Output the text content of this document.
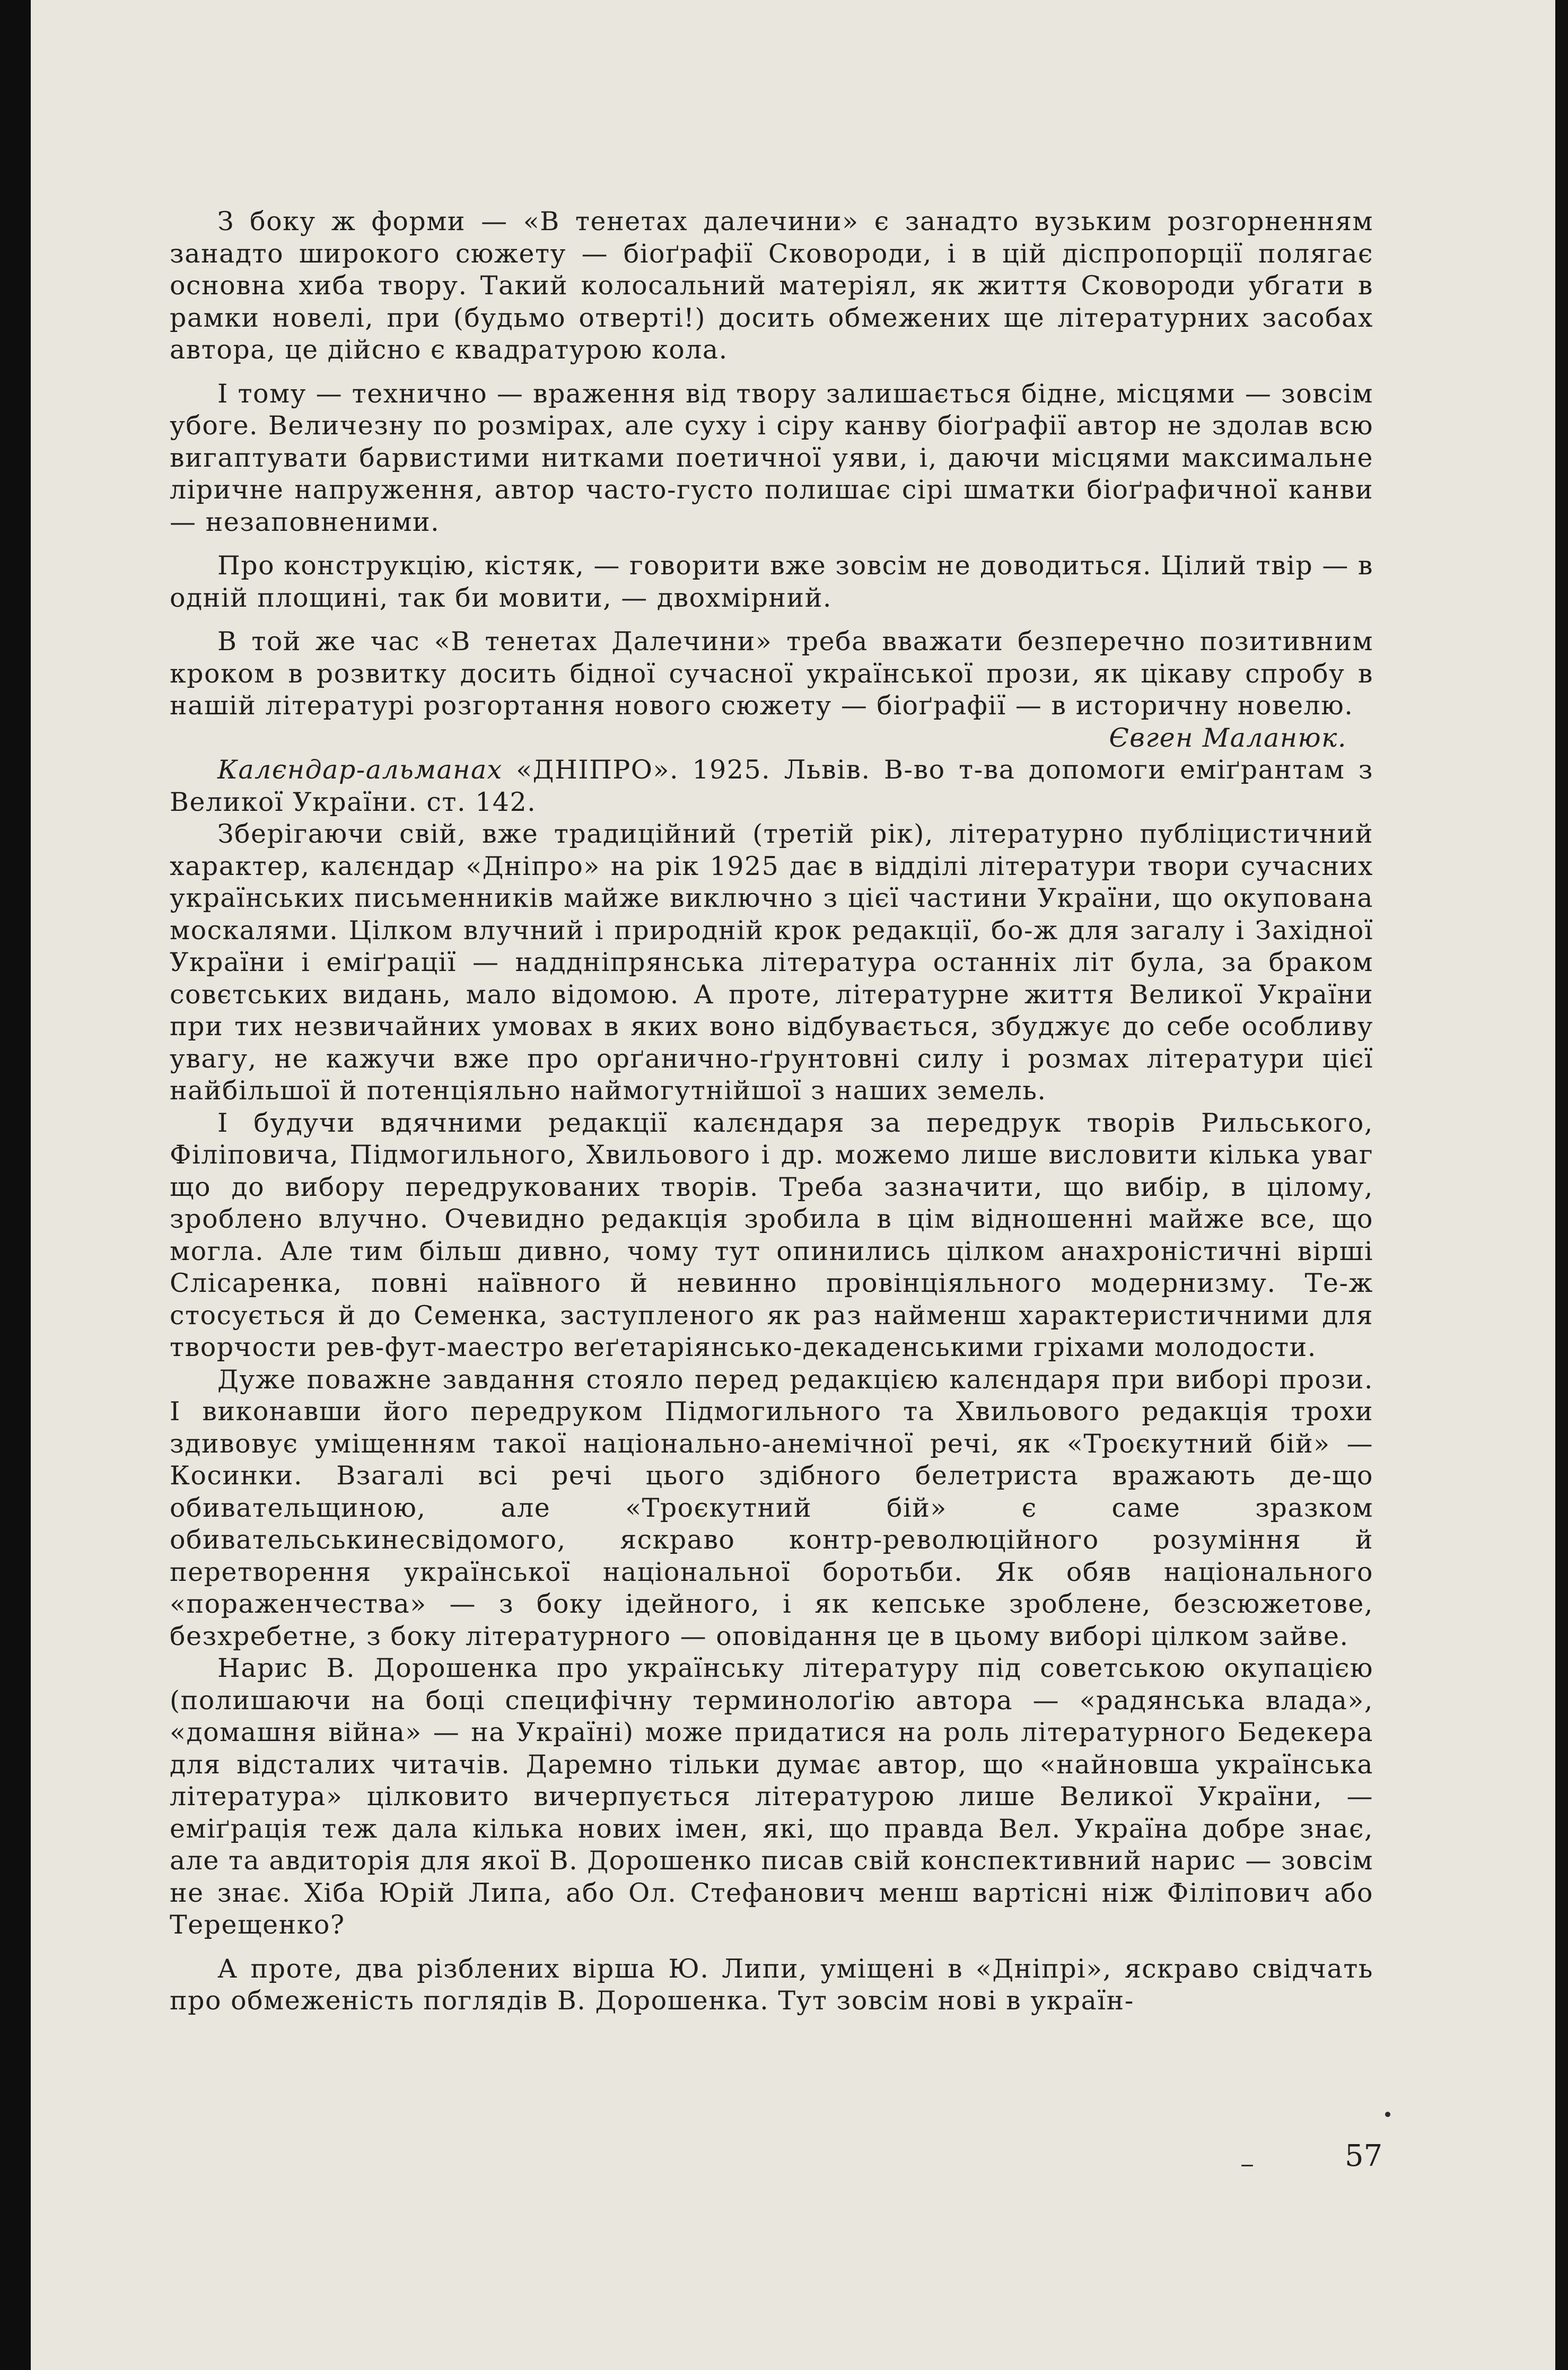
З боку ж форми — «В тенетах далечини» є занадто вузьким розгорненням занадто широкого сюжету — біоґрафії Сковороди, і в цій діспропорції полягає основна хиба твору. Такий колосальний матеріял, як життя Сковороди убгати в рамки новелі, при (будьмо отверті!) досить обмежених ще літературних засобах автора, це дійсно є квадратурою кола.

І тому — технично — враження від твору залишається бідне, місцями — зовсім убоге. Величезну по розмірах, але суху і сіру канву біоґрафії автор не здолав всю вигаптувати барвистими нитками поетичної уяви, і, даючи місцями максимальне ліричне напруження, автор часто-густо полишає сірі шматки біоґрафичної канви — незаповненими.

Про конструкцію, кістяк, — говорити вже зовсім не доводиться. Цілий твір — в одній площині, так би мовити, — двохмірний.

В той же час «В тенетах Далечини» треба вважати безперечно позитивним кроком в розвитку досить бідної сучасної української прози, як цікаву спробу в нашій літературі розгортання нового сюжету — біоґрафії — в историчну новелю.

Євген Маланюк.

Калєндар-альманах «ДНІПРО». 1925. Львів. В-во т-ва допомоги еміґрантам з Великої України. ст. 142.

Зберігаючи свій, вже традиційний (третій рік), літературно публіцистичний характер, калєндар «Дніпро» на рік 1925 дає в відділі літератури твори сучасних українських письменників майже виключно з цієї частини України, що окупована москалями. Цілком влучний і природній крок редакції, бо-ж для загалу і Західної України і еміґрації — наддніпрянська література останніх літ була, за браком совєтських видань, мало відомою. А проте, літературне життя Великої України при тих незвичайних умовах в яких воно відбувається, збуджує до себе особливу увагу, не кажучи вже про орґанично-ґрунтовні силу і розмах літератури цієї найбільшої й потенціяльно наймогутнійшої з наших земель.

І будучи вдячними редакції калєндаря за передрук творів Рильського, Філіповича, Підмогильного, Хвильового і др. можемо лише висловити кілька уваг що до вибору передрукованих творів. Треба зазначити, що вибір, в цілому, зроблено влучно. Очевидно редакція зробила в цім відношенні майже все, що могла. Але тим більш дивно, чому тут опинились цілком анахроністичні вірші Слісаренка, повні наївного й невинно провінціяльного модернизму. Те-ж стосується й до Семенка, заступленого як раз найменш характеристичними для творчости рев-фут-маестро веґетаріянсько-декаденськими гріхами молодости.

Дуже поважне завдання стояло перед редакцією калєндаря при виборі прози. І виконавши його передруком Підмогильного та Хвильового редакція трохи здивовує уміщенням такої національно-анемічної речі, як «Троєкутний бій» —Косинки. Взагалі всі речі цього здібного белетриста вражають де-що обивательщиною, але «Троєкутний бій» є саме зразком обивательськинесвідомого, яскраво контр-революційного розуміння й перетворення української національної боротьби. Як обяв національного «пораженчества» — з боку ідейного, і як кепське зроблене, безсюжетове, безхребетне, з боку літературного — оповідання це в цьому виборі цілком зайве.

Нарис В. Дорошенка про українську літературу під советською окупацією (полишаючи на боці специфічну терминолоґію автора — «радянська влада», «домашня війна» — на Україні) може придатися на роль літературного Бедекера для відсталих читачів. Даремно тільки думає автор, що «найновша українська література» цілковито вичерпується літературою лише Великої України, — еміґрація теж дала кілька нових імен, які, що правда Вел. Україна добре знає, але та авдиторія для якої В. Дорошенко писав свій конспективний нарис — зовсім не знає. Хіба Юрій Липа, або Ол. Стефанович менш вартісні ніж Філіпович або Терещенко?

А проте, два різблених вірша Ю. Липи, уміщені в «Дніпрі», яскраво свідчать про обмеженість поглядів В. Дорошенка. Тут зовсім нові в україн-

57
